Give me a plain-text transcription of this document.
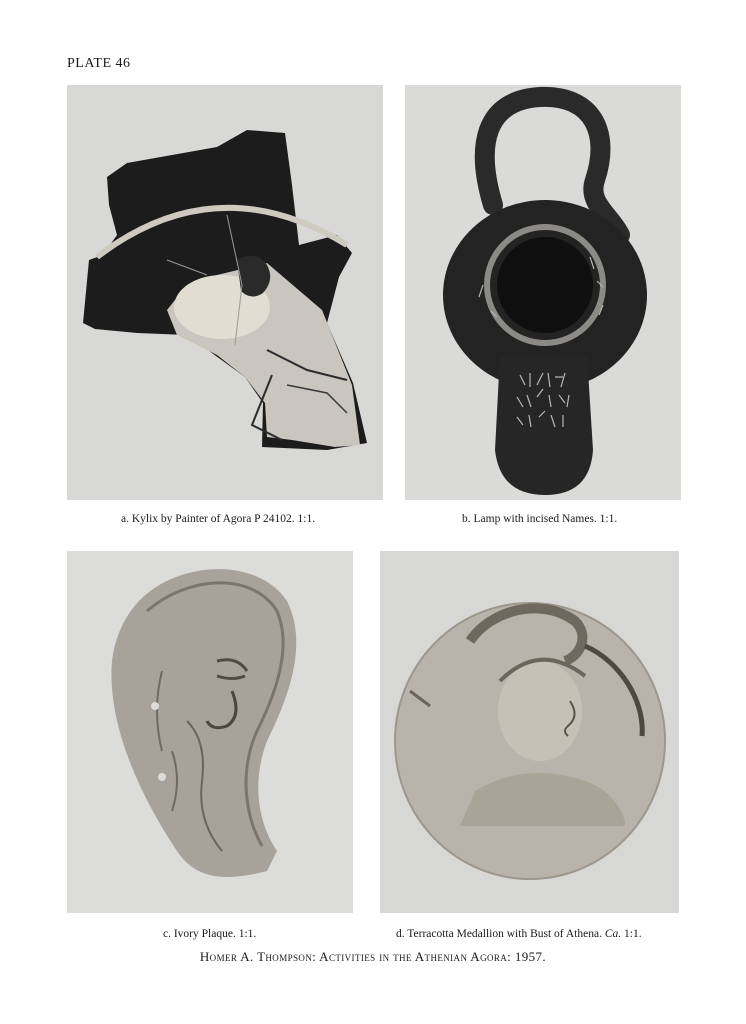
PLATE 46
a. Kylix by Painter of Agora P 24102. 1:1.	b. Lamp with incised Names. 1:1.
c. Ivory Plaque. 1:1.	d. Terracotta Medallion with Bust of Athena. Ca. 1:1.
Homer A. Thompson: Activities in the Athenian Agora: 1957.
